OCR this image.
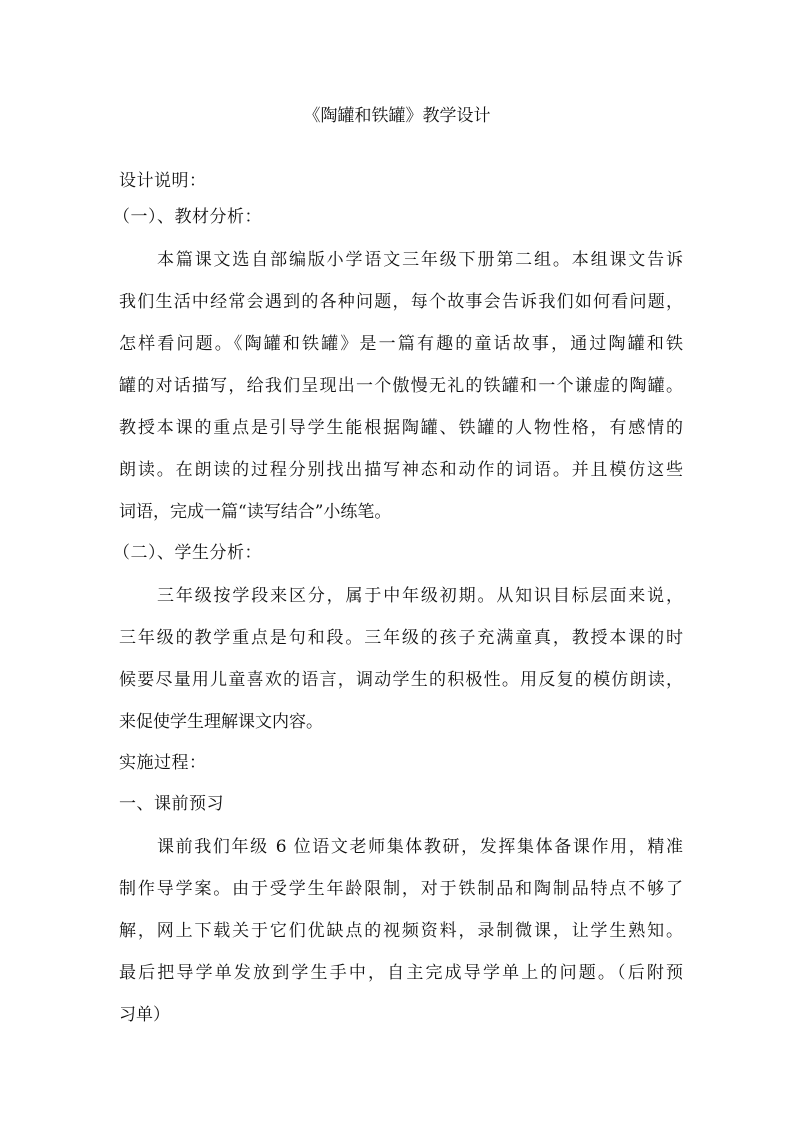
《陶罐和铁罐》教学设计
设计说明：
（一）、教材分析：
本篇课文选自部编版小学语文三年级下册第二组。本组课文告诉
我们生活中经常会遇到的各种问题，每个故事会告诉我们如何看问题，
怎样看问题。《陶罐和铁罐》是一篇有趣的童话故事，通过陶罐和铁
罐的对话描写，给我们呈现出一个傲慢无礼的铁罐和一个谦虚的陶罐。
教授本课的重点是引导学生能根据陶罐、铁罐的人物性格，有感情的
朗读。在朗读的过程分别找出描写神态和动作的词语。并且模仿这些
词语，完成一篇“读写结合”小练笔。
（二）、学生分析：
三年级按学段来区分，属于中年级初期。从知识目标层面来说，
三年级的教学重点是句和段。三年级的孩子充满童真，教授本课的时
候要尽量用儿童喜欢的语言，调动学生的积极性。用反复的模仿朗读，
来促使学生理解课文内容。
实施过程：
一、课前预习
课前我们年级 6 位语文老师集体教研，发挥集体备课作用，精准
制作导学案。由于受学生年龄限制，对于铁制品和陶制品特点不够了
解，网上下载关于它们优缺点的视频资料，录制微课，让学生熟知。
最后把导学单发放到学生手中，自主完成导学单上的问题。（后附预
习单）
